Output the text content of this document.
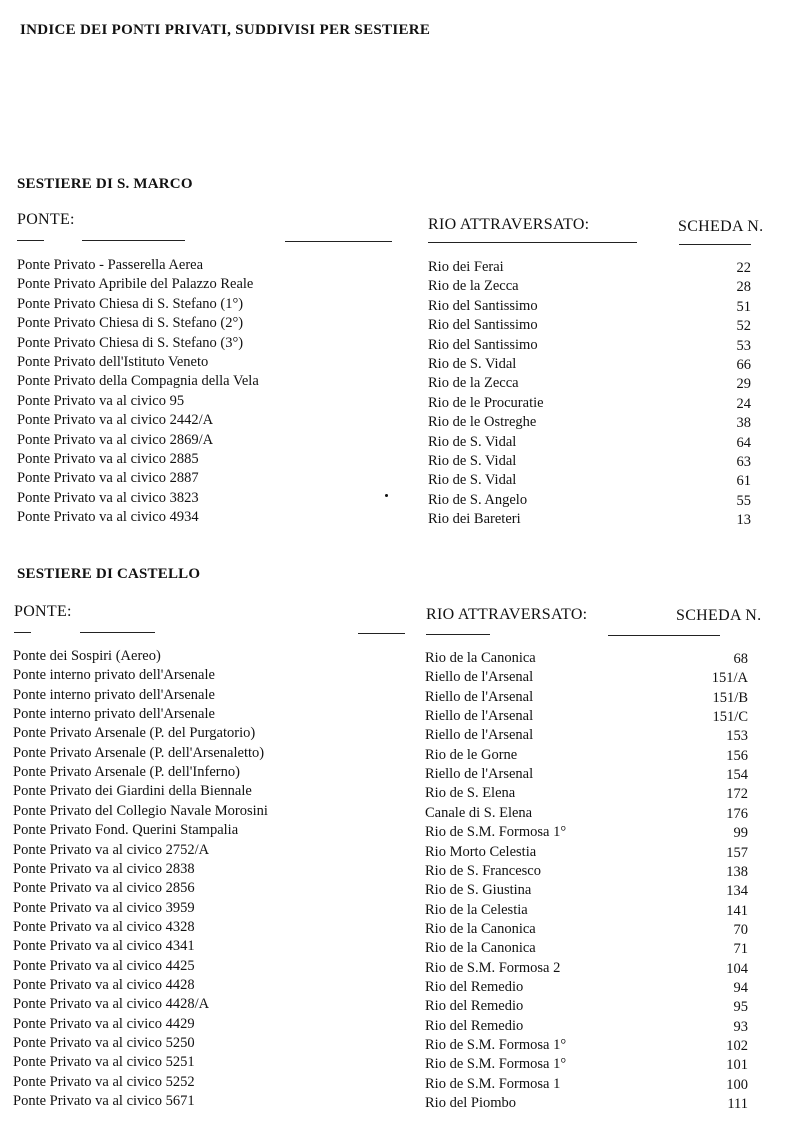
INDICE DEI PONTI PRIVATI, SUDDIVISI PER SESTIERE
SESTIERE DI S. MARCO
PONTE:	RIO ATTRAVERSATO:	SCHEDA N.
Ponte Privato - Passerella Aerea	Rio dei Ferai	22
Ponte Privato Apribile del Palazzo Reale	Rio de la Zecca	28
Ponte Privato Chiesa di S. Stefano (1°)	Rio del Santissimo	51
Ponte Privato Chiesa di S. Stefano (2°)	Rio del Santissimo	52
Ponte Privato Chiesa di S. Stefano (3°)	Rio del Santissimo	53
Ponte Privato dell'Istituto Veneto	Rio de S. Vidal	66
Ponte Privato della Compagnia della Vela	Rio de la Zecca	29
Ponte Privato va al civico 95	Rio de le Procuratie	24
Ponte Privato va al civico 2442/A	Rio de le Ostreghe	38
Ponte Privato va al civico 2869/A	Rio de S. Vidal	64
Ponte Privato va al civico 2885	Rio de S. Vidal	63
Ponte Privato va al civico 2887	Rio de S. Vidal	61
Ponte Privato va al civico 3823	Rio de S. Angelo	55
Ponte Privato va al civico 4934	Rio dei Bareteri	13
SESTIERE DI CASTELLO
PONTE:	RIO ATTRAVERSATO:	SCHEDA N.
Ponte dei Sospiri (Aereo)	Rio de la Canonica	68
Ponte interno privato dell'Arsenale	Riello de l'Arsenal	151/A
Ponte interno privato dell'Arsenale	Riello de l'Arsenal	151/B
Ponte interno privato dell'Arsenale	Riello de l'Arsenal	151/C
Ponte Privato Arsenale (P. del Purgatorio)	Riello de l'Arsenal	153
Ponte Privato Arsenale (P. dell'Arsenaletto)	Rio de le Gorne	156
Ponte Privato Arsenale (P. dell'Inferno)	Riello de l'Arsenal	154
Ponte Privato dei Giardini della Biennale	Rio de S. Elena	172
Ponte Privato del Collegio Navale Morosini	Canale di S. Elena	176
Ponte Privato Fond. Querini Stampalia	Rio de S.M. Formosa 1°	99
Ponte Privato va al civico 2752/A	Rio Morto Celestia	157
Ponte Privato va al civico 2838	Rio de S. Francesco	138
Ponte Privato va al civico 2856	Rio de S. Giustina	134
Ponte Privato va al civico 3959	Rio de la Celestia	141
Ponte Privato va al civico 4328	Rio de la Canonica	70
Ponte Privato va al civico 4341	Rio de la Canonica	71
Ponte Privato va al civico 4425	Rio de S.M. Formosa 2	104
Ponte Privato va al civico 4428	Rio del Remedio	94
Ponte Privato va al civico 4428/A	Rio del Remedio	95
Ponte Privato va al civico 4429	Rio del Remedio	93
Ponte Privato va al civico 5250	Rio de S.M. Formosa 1°	102
Ponte Privato va al civico 5251	Rio de S.M. Formosa 1°	101
Ponte Privato va al civico 5252	Rio de S.M. Formosa 1	100
Ponte Privato va al civico 5671	Rio del Piombo	111
